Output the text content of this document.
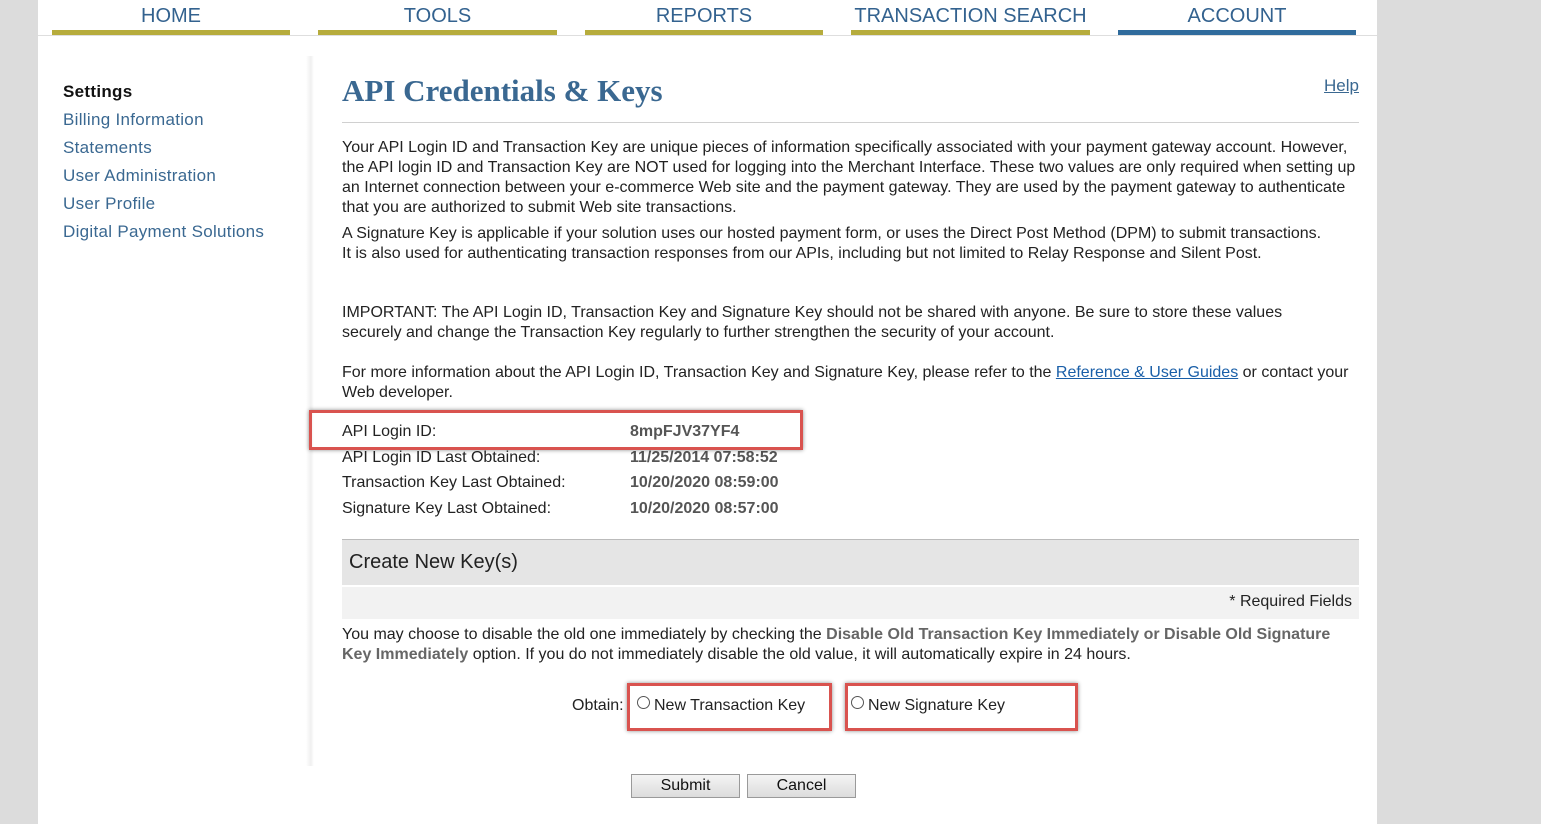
HOME	TOOLS	REPORTS	TRANSACTION SEARCH	ACCOUNT
Settings
Billing Information
Statements
User Administration
User Profile
Digital Payment Solutions
API Credentials & Keys	Help
Your API Login ID and Transaction Key are unique pieces of information specifically associated with your payment gateway account. However, the API login ID and Transaction Key are NOT used for logging into the Merchant Interface. These two values are only required when setting up an Internet connection between your e-commerce Web site and the payment gateway. They are used by the payment gateway to authenticate that you are authorized to submit Web site transactions.
A Signature Key is applicable if your solution uses our hosted payment form, or uses the Direct Post Method (DPM) to submit transactions. It is also used for authenticating transaction responses from our APIs, including but not limited to Relay Response and Silent Post.
IMPORTANT: The API Login ID, Transaction Key and Signature Key should not be shared with anyone. Be sure to store these values securely and change the Transaction Key regularly to further strengthen the security of your account.
For more information about the API Login ID, Transaction Key and Signature Key, please refer to the Reference & User Guides or contact your Web developer.
API Login ID:	8mpFJV37YF4
API Login ID Last Obtained:	11/25/2014 07:58:52
Transaction Key Last Obtained:	10/20/2020 08:59:00
Signature Key Last Obtained:	10/20/2020 08:57:00
Create New Key(s)
* Required Fields
You may choose to disable the old one immediately by checking the Disable Old Transaction Key Immediately or Disable Old Signature Key Immediately option. If you do not immediately disable the old value, it will automatically expire in 24 hours.
Obtain:	New Transaction Key	New Signature Key
Submit	Cancel
